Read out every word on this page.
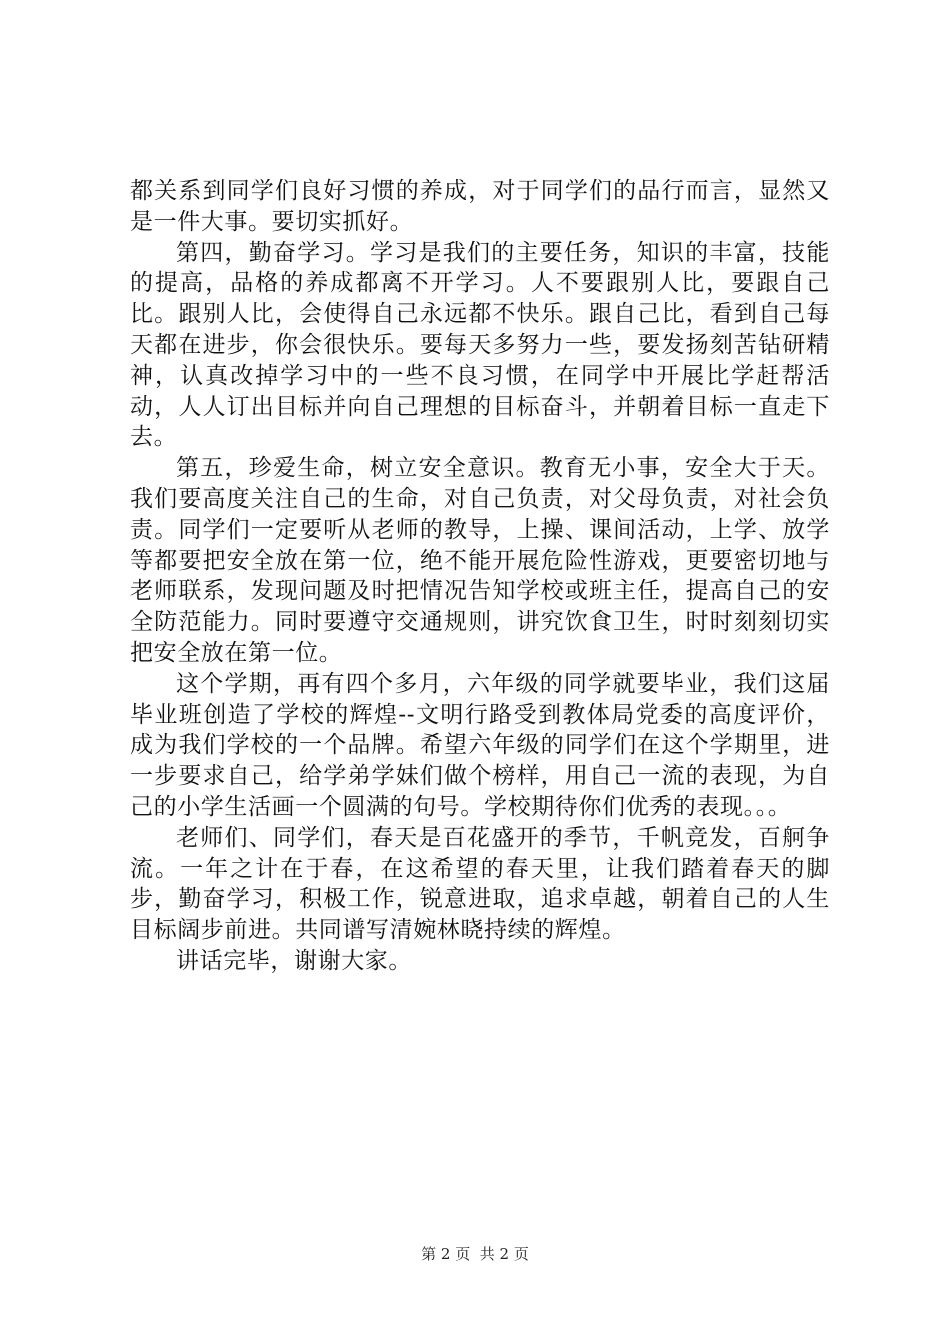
都关系到同学们良好习惯的养成，对于同学们的品行而言，显然又是一件大事。要切实抓好。

第四，勤奋学习。学习是我们的主要任务，知识的丰富，技能的提高，品格的养成都离不开学习。人不要跟别人比，要跟自己比。跟别人比，会使得自己永远都不快乐。跟自己比，看到自己每天都在进步，你会很快乐。要每天多努力一些，要发扬刻苦钻研精神，认真改掉学习中的一些不良习惯，在同学中开展比学赶帮活动，人人订出目标并向自己理想的目标奋斗，并朝着目标一直走下去。

第五，珍爱生命，树立安全意识。教育无小事，安全大于天。我们要高度关注自己的生命，对自己负责，对父母负责，对社会负责。同学们一定要听从老师的教导，上操、课间活动，上学、放学等都要把安全放在第一位，绝不能开展危险性游戏，更要密切地与老师联系，发现问题及时把情况告知学校或班主任，提高自己的安全防范能力。同时要遵守交通规则，讲究饮食卫生，时时刻刻切实把安全放在第一位。

这个学期，再有四个多月，六年级的同学就要毕业，我们这届毕业班创造了学校的辉煌--文明行路受到教体局党委的高度评价，成为我们学校的一个品牌。希望六年级的同学们在这个学期里，进一步要求自己，给学弟学妹们做个榜样，用自己一流的表现，为自己的小学生活画一个圆满的句号。学校期待你们优秀的表现。。。

老师们、同学们，春天是百花盛开的季节，千帆竞发，百舸争流。一年之计在于春，在这希望的春天里，让我们踏着春天的脚步，勤奋学习，积极工作，锐意进取，追求卓越，朝着自己的人生目标阔步前进。共同谱写清婉林晓持续的辉煌。

讲话完毕，谢谢大家。

第 2 页  共 2 页
